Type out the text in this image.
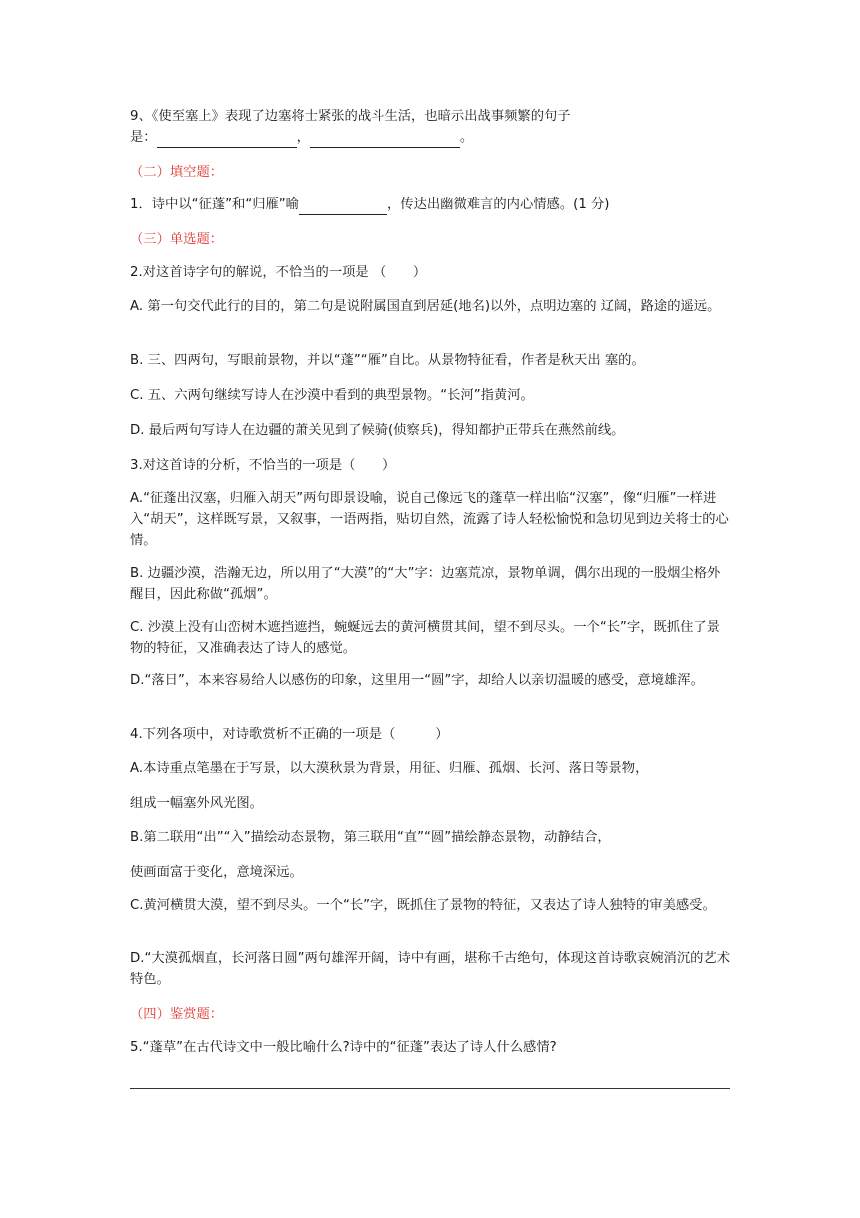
9、《使至塞上》表现了边塞将士紧张的战斗生活，也暗示出战事频繁的句子
是：	，	。
（二）填空题：
1．诗中以“征蓬”和“归雁”喻	，传达出幽微难言的内心情感。(1 分)
（三）单选题：
2.对这首诗字句的解说，不恰当的一项是 （　　）
A. 第一句交代此行的目的，第二句是说附属国直到居延(地名)以外，点明边塞的 辽阔，路途的遥远。
B. 三、四两句，写眼前景物，并以“蓬”“雁”自比。从景物特征看，作者是秋天出 塞的。
C. 五、六两句继续写诗人在沙漠中看到的典型景物。“长河”指黄河。
D. 最后两句写诗人在边疆的萧关见到了候骑(侦察兵)，得知都护正带兵在燕然前线。
3.对这首诗的分析，不恰当的一项是（　　）
A.“征蓬出汉塞，归雁入胡天”两句即景设喻，说自己像远飞的蓬草一样出临“汉塞”，像“归雁”一样进入“胡天”，这样既写景，又叙事，一语两指，贴切自然，流露了诗人轻松愉悦和急切见到边关将士的心情。
B. 边疆沙漠，浩瀚无边，所以用了“大漠”的“大”字：边塞荒凉，景物单调，偶尔出现的一股烟尘格外醒目，因此称做“孤烟”。
C. 沙漠上没有山峦树木遮挡遮挡，蜿蜒远去的黄河横贯其间，望不到尽头。一个“长”字，既抓住了景物的特征，又准确表达了诗人的感觉。
D.“落日”，本来容易给人以感伤的印象，这里用一“圆”字，却给人以亲切温暖的感受，意境雄浑。
4.下列各项中，对诗歌赏析不正确的一项是（　　　）
A.本诗重点笔墨在于写景，以大漠秋景为背景，用征、归雁、孤烟、长河、落日等景物，
组成一幅塞外风光图。
B.第二联用“出”“入”描绘动态景物，第三联用“直”“圆”描绘静态景物，动静结合，
使画面富于变化，意境深远。
C.黄河横贯大漠，望不到尽头。一个“长”字，既抓住了景物的特征，又表达了诗人独特的审美感受。
D.“大漠孤烟直，长河落日圆”两句雄浑开阔，诗中有画，堪称千古绝句，体现这首诗歌哀婉消沉的艺术特色。
（四）鉴赏题：
5.“蓬草”在古代诗文中一般比喻什么?诗中的“征蓬”表达了诗人什么感情?
